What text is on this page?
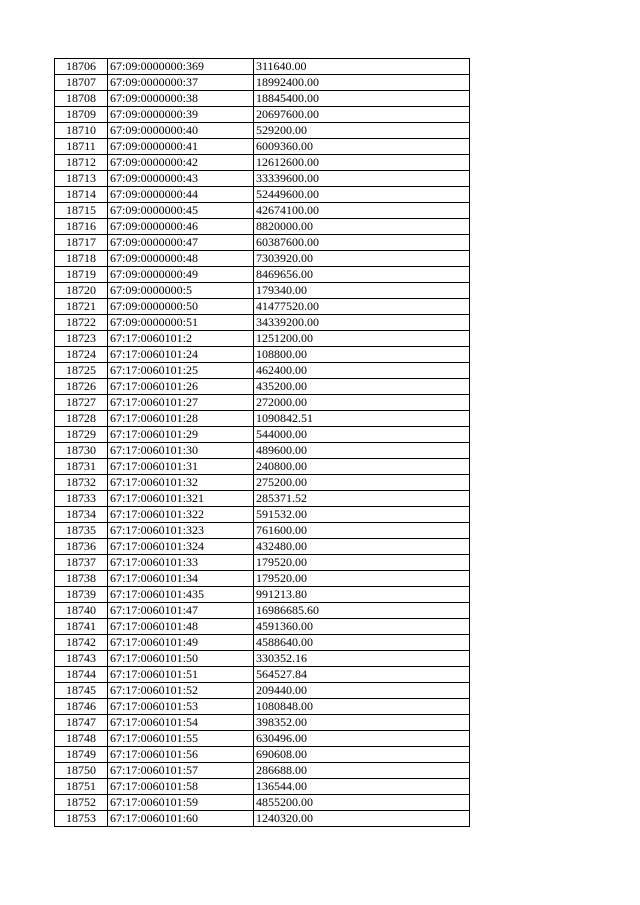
18706	67:09:0000000:369	311640.00
18707	67:09:0000000:37	18992400.00
18708	67:09:0000000:38	18845400.00
18709	67:09:0000000:39	20697600.00
18710	67:09:0000000:40	529200.00
18711	67:09:0000000:41	6009360.00
18712	67:09:0000000:42	12612600.00
18713	67:09:0000000:43	33339600.00
18714	67:09:0000000:44	52449600.00
18715	67:09:0000000:45	42674100.00
18716	67:09:0000000:46	8820000.00
18717	67:09:0000000:47	60387600.00
18718	67:09:0000000:48	7303920.00
18719	67:09:0000000:49	8469656.00
18720	67:09:0000000:5	179340.00
18721	67:09:0000000:50	41477520.00
18722	67:09:0000000:51	34339200.00
18723	67:17:0060101:2	1251200.00
18724	67:17:0060101:24	108800.00
18725	67:17:0060101:25	462400.00
18726	67:17:0060101:26	435200.00
18727	67:17:0060101:27	272000.00
18728	67:17:0060101:28	1090842.51
18729	67:17:0060101:29	544000.00
18730	67:17:0060101:30	489600.00
18731	67:17:0060101:31	240800.00
18732	67:17:0060101:32	275200.00
18733	67:17:0060101:321	285371.52
18734	67:17:0060101:322	591532.00
18735	67:17:0060101:323	761600.00
18736	67:17:0060101:324	432480.00
18737	67:17:0060101:33	179520.00
18738	67:17:0060101:34	179520.00
18739	67:17:0060101:435	991213.80
18740	67:17:0060101:47	16986685.60
18741	67:17:0060101:48	4591360.00
18742	67:17:0060101:49	4588640.00
18743	67:17:0060101:50	330352.16
18744	67:17:0060101:51	564527.84
18745	67:17:0060101:52	209440.00
18746	67:17:0060101:53	1080848.00
18747	67:17:0060101:54	398352.00
18748	67:17:0060101:55	630496.00
18749	67:17:0060101:56	690608.00
18750	67:17:0060101:57	286688.00
18751	67:17:0060101:58	136544.00
18752	67:17:0060101:59	4855200.00
18753	67:17:0060101:60	1240320.00
